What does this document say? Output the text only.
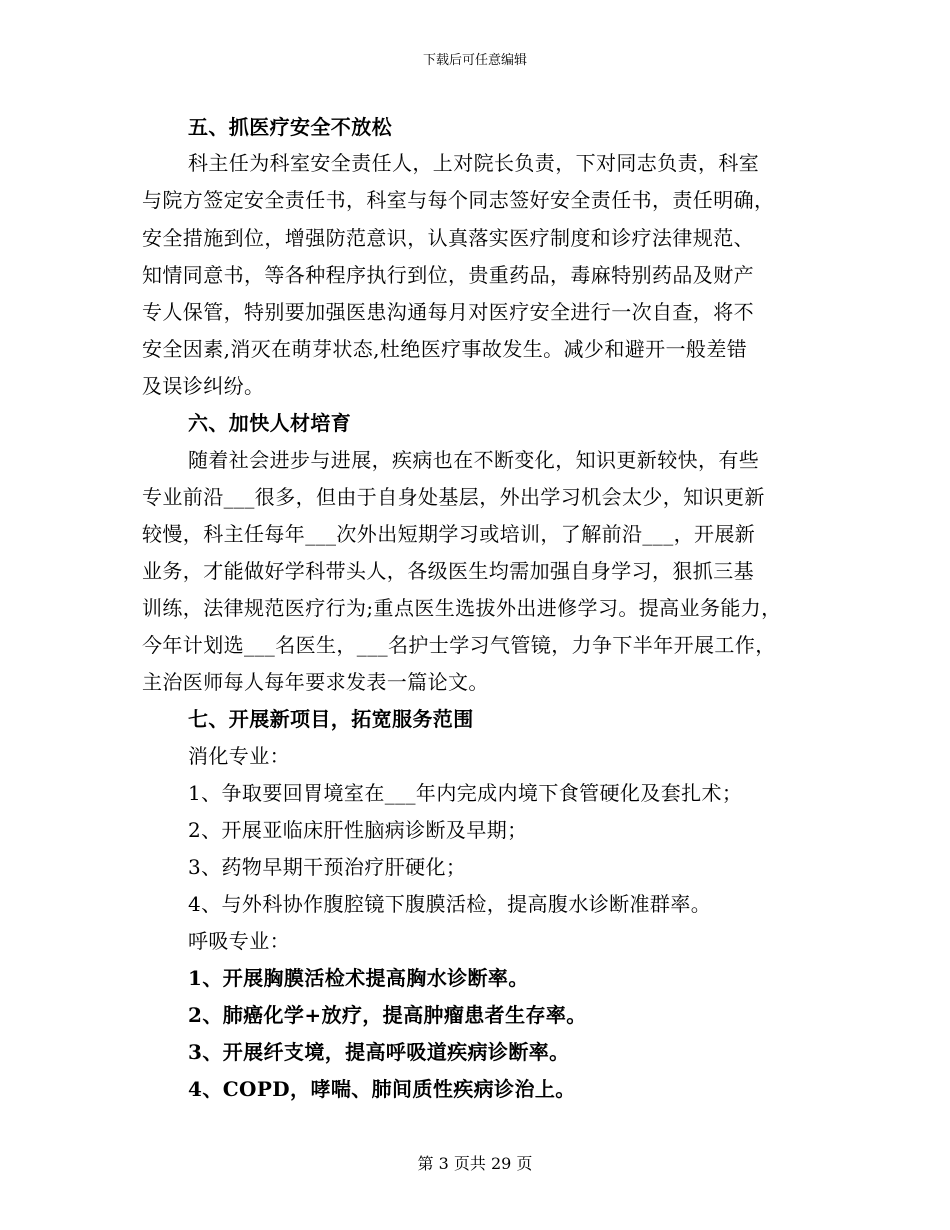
下载后可任意编辑
五、抓医疗安全不放松
科主任为科室安全责任人，上对院长负责，下对同志负责，科室
与院方签定安全责任书，科室与每个同志签好安全责任书，责任明确，
安全措施到位，增强防范意识，认真落实医疗制度和诊疗法律规范、
知情同意书，等各种程序执行到位，贵重药品，毒麻特别药品及财产
专人保管，特别要加强医患沟通每月对医疗安全进行一次自查，将不
安全因素,消灭在萌芽状态,杜绝医疗事故发生。减少和避开一般差错
及误诊纠纷。
六、加快人材培育
随着社会进步与进展，疾病也在不断变化，知识更新较快，有些
专业前沿___很多，但由于自身处基层，外出学习机会太少，知识更新
较慢，科主任每年___次外出短期学习或培训，了解前沿___，开展新
业务，才能做好学科带头人，各级医生均需加强自身学习，狠抓三基
训练，法律规范医疗行为;重点医生选拔外出进修学习。提高业务能力，
今年计划选___名医生，___名护士学习气管镜，力争下半年开展工作，
主治医师每人每年要求发表一篇论文。
七、开展新项目，拓宽服务范围
消化专业：
1、争取要回胃境室在___年内完成内境下食管硬化及套扎术；
2、开展亚临床肝性脑病诊断及早期；
3、药物早期干预治疗肝硬化；
4、与外科协作腹腔镜下腹膜活检，提高腹水诊断准群率。
呼吸专业：
1、开展胸膜活检术提高胸水诊断率。
2、肺癌化学+放疗，提高肿瘤患者生存率。
3、开展纤支境，提高呼吸道疾病诊断率。
4、COPD，哮喘、肺间质性疾病诊治上。
第 3 页共 29 页
